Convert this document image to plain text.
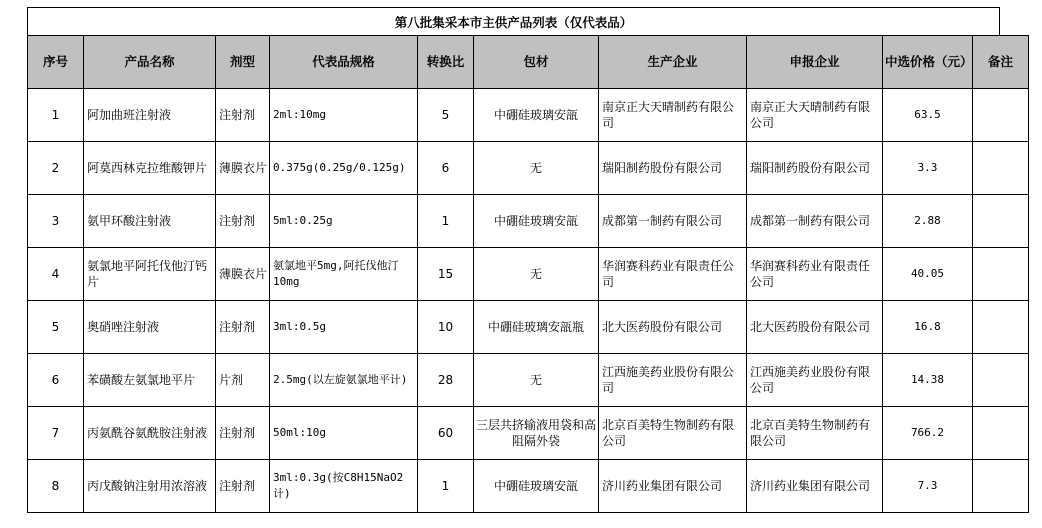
第八批集采本市主供产品列表（仅代表品）
序号	产品名称	剂型	代表品规格	转换比	包材	生产企业	申报企业	中选价格（元）	备注
1	阿加曲班注射液	注射剂	2ml:10mg	5	中硼硅玻璃安瓿	南京正大天晴制药有限公司	南京正大天晴制药有限公司	63.5	
2	阿莫西林克拉维酸钾片	薄膜衣片	0.375g(0.25g/0.125g)	6	无	瑞阳制药股份有限公司	瑞阳制药股份有限公司	3.3	
3	氨甲环酸注射液	注射剂	5ml:0.25g	1	中硼硅玻璃安瓿	成都第一制药有限公司	成都第一制药有限公司	2.88	
4	氨氯地平阿托伐他汀钙片	薄膜衣片	氨氯地平5mg,阿托伐他汀10mg	15	无	华润赛科药业有限责任公司	华润赛科药业有限责任公司	40.05	
5	奥硝唑注射液	注射剂	3ml:0.5g	10	中硼硅玻璃安瓿瓶	北大医药股份有限公司	北大医药股份有限公司	16.8	
6	苯磺酸左氨氯地平片	片剂	2.5mg(以左旋氨氯地平计)	28	无	江西施美药业股份有限公司	江西施美药业股份有限公司	14.38	
7	丙氨酰谷氨酰胺注射液	注射剂	50ml:10g	60	三层共挤输液用袋和高阻隔外袋	北京百美特生物制药有限公司	北京百美特生物制药有限公司	766.2	
8	丙戊酸钠注射用浓溶液	注射剂	3ml:0.3g(按C8H15NaO2计)	1	中硼硅玻璃安瓿	济川药业集团有限公司	济川药业集团有限公司	7.3	
